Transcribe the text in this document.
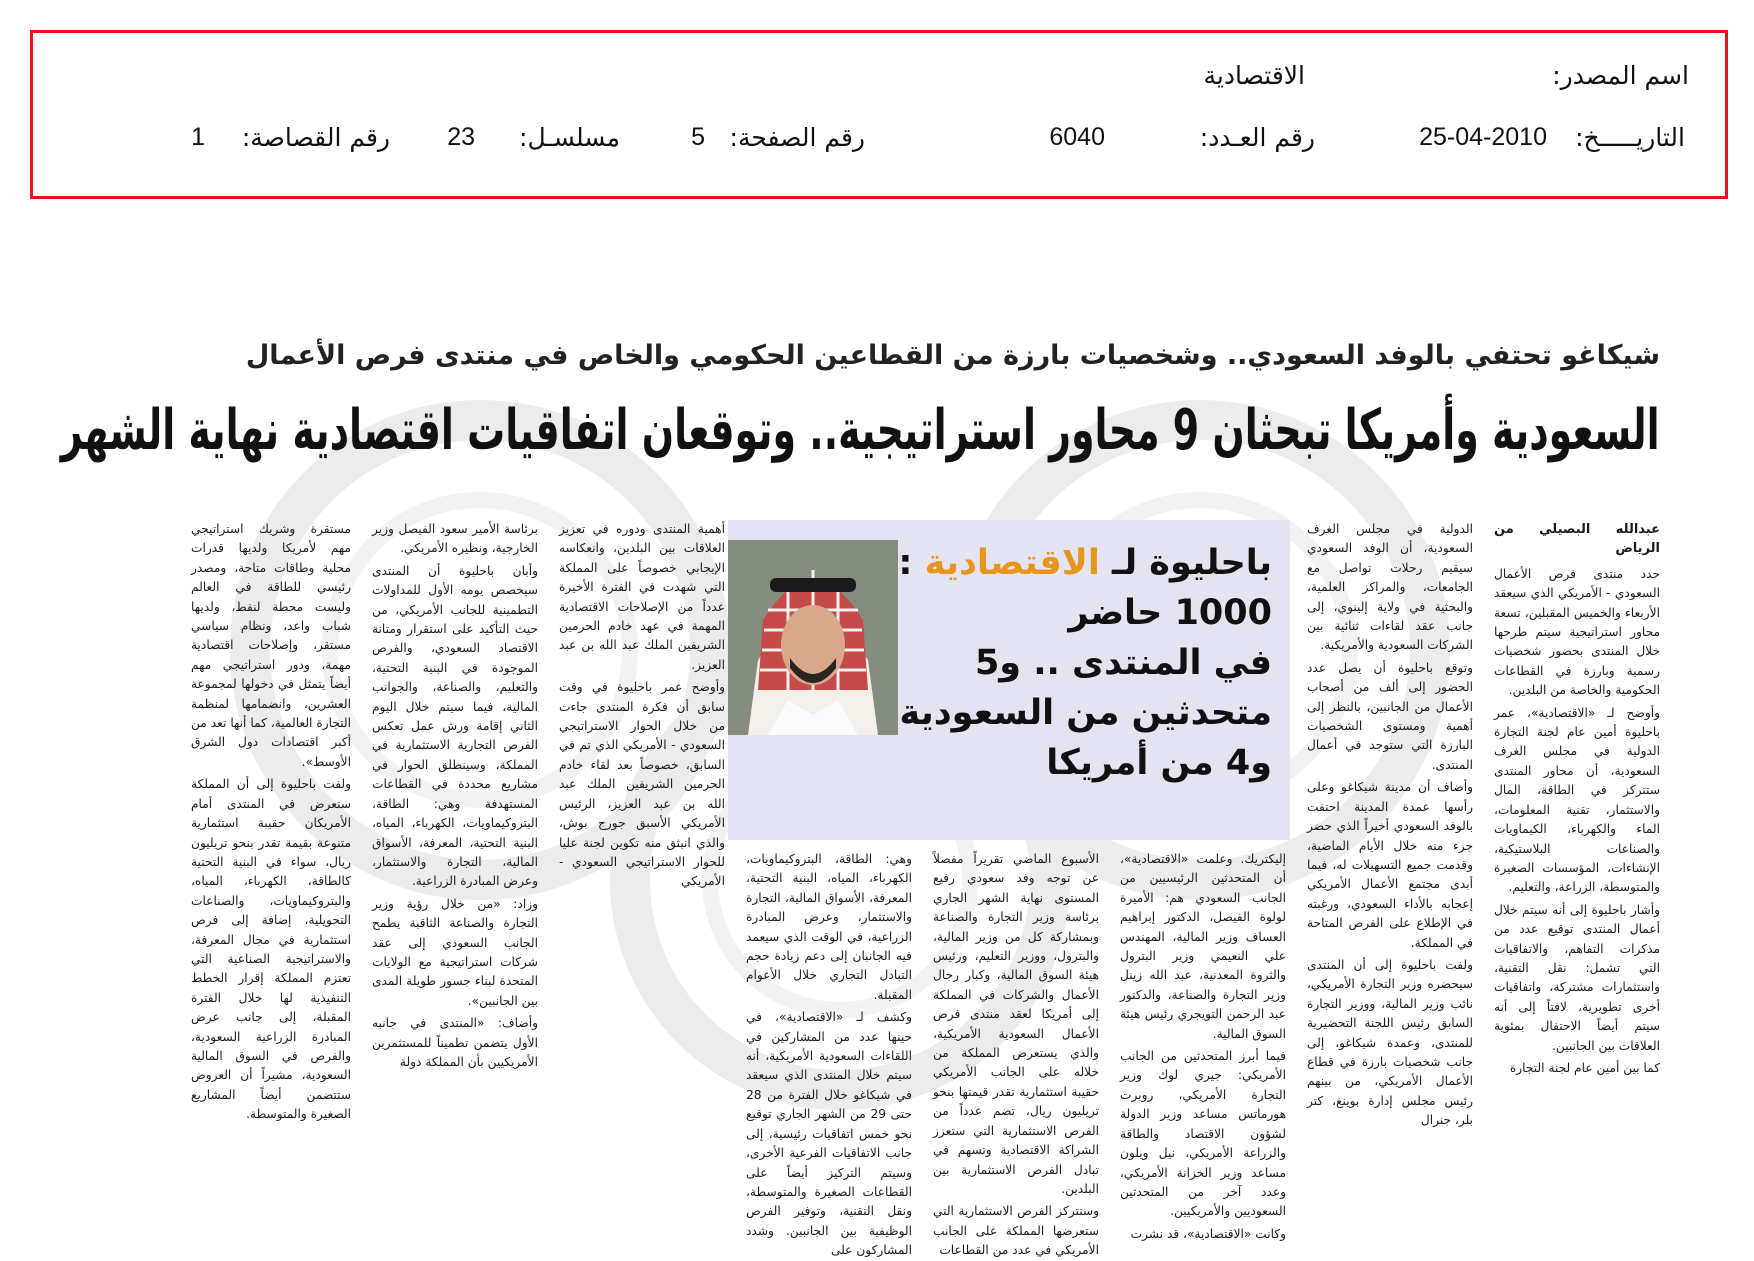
اسم المصدر:
الاقتصادية
التاريـــــخ:
25-04-2010
رقم العـدد:
6040
رقم الصفحة:
5
مسلسـل:
23
رقم القصاصة:
1
شيكاغو تحتفي بالوفد السعودي.. وشخصيات بارزة من القطاعين الحكومي والخاص في منتدى فرص الأعمال
السعودية وأمريكا تبحثان 9 محاور استراتيجية.. وتوقعان اتفاقيات اقتصادية نهاية الشهر
عبدالله البصيلي من الرياض

حدد منتدى فرص الأعمال السعودي - الأمريكي الذي سيعقد الأربعاء والخميس المقبلين، تسعة محاور استراتيجية سيتم طرحها خلال المنتدى بحضور شخصيات رسمية وبارزة في القطاعات الحكومية والخاصة من البلدين.

وأوضح لـ «الاقتصادية»، عمر باحليوة أمين عام لجنة التجارة الدولية في مجلس الغرف السعودية، أن محاور المنتدى ستتركز في الطاقة، المال والاستثمار، تقنية المعلومات، الماء والكهرباء، الكيماويات والصناعات البلاستيكية، الإنشاءات، المؤسسات الصغيرة والمتوسطة، الزراعة، والتعليم.

وأشار باحليوة إلى أنه سيتم خلال أعمال المنتدى توقيع عدد من مذكرات التفاهم، والاتفاقيات التي تشمل: نقل التقنية، واستثمارات مشتركة، واتفاقيات أخرى تطويرية، لافتاً إلى أنه سيتم أيضاً الاحتفال بمئوية العلاقات بين الجانبين.

كما بين أمين عام لجنة التجارة

الدولية في مجلس الغرف السعودية، أن الوفد السعودي سيقيم رحلات تواصل مع الجامعات، والمراكز العلمية، والبحثية في ولاية إلينوي، إلى جانب عقد لقاءات ثنائية بين الشركات السعودية والأمريكية.

وتوقع باحليوة أن يصل عدد الحضور إلى ألف من أصحاب الأعمال من الجانبين، بالنظر إلى أهمية ومستوى الشخصيات البارزة التي ستوجد في أعمال المنتدى.

وأضاف أن مدينة شيكاغو وعلى رأسها عمدة المدينة احتفت بالوفد السعودي أخيراً الذي حضر جزء منه خلال الأيام الماضية، وقدمت جميع التسهيلات له، فيما أبدى مجتمع الأعمال الأمريكي إعجابه بالأداء السعودي، ورغبته في الإطلاع على الفرص المتاحة في المملكة.

ولفت باحليوة إلى أن المنتدى سيحضره وزير التجارة الأمريكي، نائب وزير المالية، ووزير التجارة السابق رئيس اللجنة التحضيرية للمنتدى، وعمدة شيكاغو، إلى جانب شخصيات بارزة في قطاع الأعمال الأمريكي، من بينهم رئيس مجلس إدارة بوينغ، كتر بلر، جنرال

باحليوة لـ الاقتصادية : 1000 حاضر
في المنتدى .. و5 متحدثين من السعودية
و4 من أمريكا

إليكتريك. وعلمت «الاقتصادية»، أن المتحدثين الرئيسيين من الجانب السعودي هم: الأميرة لولوة الفيصل، الدكتور إبراهيم العساف وزير المالية، المهندس علي النعيمي وزير البترول والثروة المعدنية، عبد الله زينل وزير التجارة والصناعة، والدكتور عبد الرحمن التويجري رئيس هيئة السوق المالية.

فيما أبرز المتحدثين من الجانب الأمريكي: جيري لوك وزير التجارة الأمريكي، روبرت هورماتس مساعد وزير الدولة لشؤون الاقتصاد والطاقة والزراعة الأمريكي، نيل ويلون مساعد وزير الخزانة الأمريكي، وعدد آخر من المتحدثين السعوديين والأمريكيين.

وكانت «الاقتصادية»، قد نشرت

الأسبوع الماضي تقريراً مفصلاً عن توجه وفد سعودي رفيع المستوى نهاية الشهر الجاري برئاسة وزير التجارة والصناعة وبمشاركة كل من وزير المالية، والبترول، ووزير التعليم، ورئيس هيئة السوق المالية، وكبار رجال الأعمال والشركات في المملكة إلى أمريكا لعقد منتدى فرص الأعمال السعودية الأمريكية، والذي يستعرض المملكة من خلاله على الجانب الأمريكي حقيبة استثمارية تقدر قيمتها بنحو تريليون ريال، تضم عدداً من الفرص الاستثمارية التي ستعزز الشراكة الاقتصادية وتسهم في تبادل الفرص الاستثمارية بين البلدين.

وستتركز الفرص الاستثمارية التي ستعرضها المملكة على الجانب الأمريكي في عدد من القطاعات

وهي: الطاقة، البتروكيماويات، الكهرباء، المياه، البنية التحتية، المعرفة، الأسواق المالية، التجارة والاستثمار، وعرض المبادرة الزراعية، في الوقت الذي سيعمد فيه الجانبان إلى دعم زيادة حجم التبادل التجاري خلال الأعوام المقبلة.

وكشف لـ «الاقتصادية»، في حينها عدد من المشاركين في اللقاءات السعودية الأمريكية، أنه سيتم خلال المنتدى الذي سيعقد في شيكاغو خلال الفترة من 28 حتى 29 من الشهر الجاري توقيع نحو خمس اتفاقيات رئيسية، إلى جانب الاتفاقيات الفرعية الأخرى، وسيتم التركيز أيضاً على القطاعات الصغيرة والمتوسطة، ونقل التقنية، وتوفير الفرص الوظيفية بين الجانبين. وشدد المشاركون على

أهمية المنتدى ودوره في تعزيز العلاقات بين البلدين، وانعكاسه الإيجابي خصوصاً على المملكة التي شهدت في الفترة الأخيرة عدداً من الإصلاحات الاقتصادية المهمة في عهد خادم الحرمين الشريفين الملك عبد الله بن عبد العزيز.

وأوضح عمر باحليوة في وقت سابق أن فكرة المنتدى جاءت من خلال الحوار الاستراتيجي السعودي - الأمريكي الذي تم في السابق، خصوصاً بعد لقاء خادم الحرمين الشريفين الملك عبد الله بن عبد العزيز، الرئيس الأمريكي الأسبق جورج بوش، والذي انبثق منه تكوين لجنة عليا للحوار الاستراتيجي السعودي - الأمريكي

برئاسة الأمير سعود الفيصل وزير الخارجية، ونظيره الأمريكي.

وأبان باحليوة أن المنتدى سيخصص يومه الأول للمداولات التطمينية للجانب الأمريكي، من حيث التأكيد على استقرار ومتانة الاقتصاد السعودي، والفرص الموجودة في البنية التحتية، والتعليم، والصناعة، والجوانب المالية، فيما سيتم خلال اليوم الثاني إقامة ورش عمل تعكس الفرص التجارية الاستثمارية في المملكة، وسينطلق الحوار في مشاريع محددة في القطاعات المستهدفة وهي: الطاقة، البتروكيماويات، الكهرباء، المياه، البنية التحتية، المعرفة، الأسواق المالية، التجارة والاستثمار، وعرض المبادرة الزراعية.

وزاد: «من خلال رؤية وزير التجارة والصناعة الثاقبة يطمح الجانب السعودي إلى عقد شركات استراتيجية مع الولايات المتحدة لبناء جسور طويلة المدى بين الجانبين».

وأضاف: «المنتدى في جانبه الأول يتضمن تطميناً للمستثمرين الأمريكيين بأن المملكة دولة

مستقرة وشريك استراتيجي مهم لأمريكا ولديها قدرات محلية وطاقات متاحة، ومصدر رئيسي للطاقة في العالم وليست محطة لنفط، ولديها شباب واعد، ونظام سياسي مستقر، وإصلاحات اقتصادية مهمة، ودور استراتيجي مهم أيضاً يتمثل في دخولها لمجموعة العشرين، وانضمامها لمنظمة التجارة العالمية، كما أنها تعد من أكبر اقتصادات دول الشرق الأوسط».

ولفت باحليوة إلى أن المملكة ستعرض في المنتدى أمام الأمريكان حقيبة استثمارية متنوعة بقيمة تقدر بنحو تريليون ريال، سواء في البنية التحتية كالطاقة، الكهرباء، المياه، والبتروكيماويات، والصناعات التحويلية، إضافة إلى فرص استثمارية في مجال المعرفة، والاستراتيجية الصناعية التي تعتزم المملكة إقرار الخطط التنفيذية لها خلال الفترة المقبلة، إلى جانب عرض المبادرة الزراعية السعودية، والفرص في السوق المالية السعودية، مشيراً أن العروض ستتضمن أيضاً المشاريع الصغيرة والمتوسطة.
